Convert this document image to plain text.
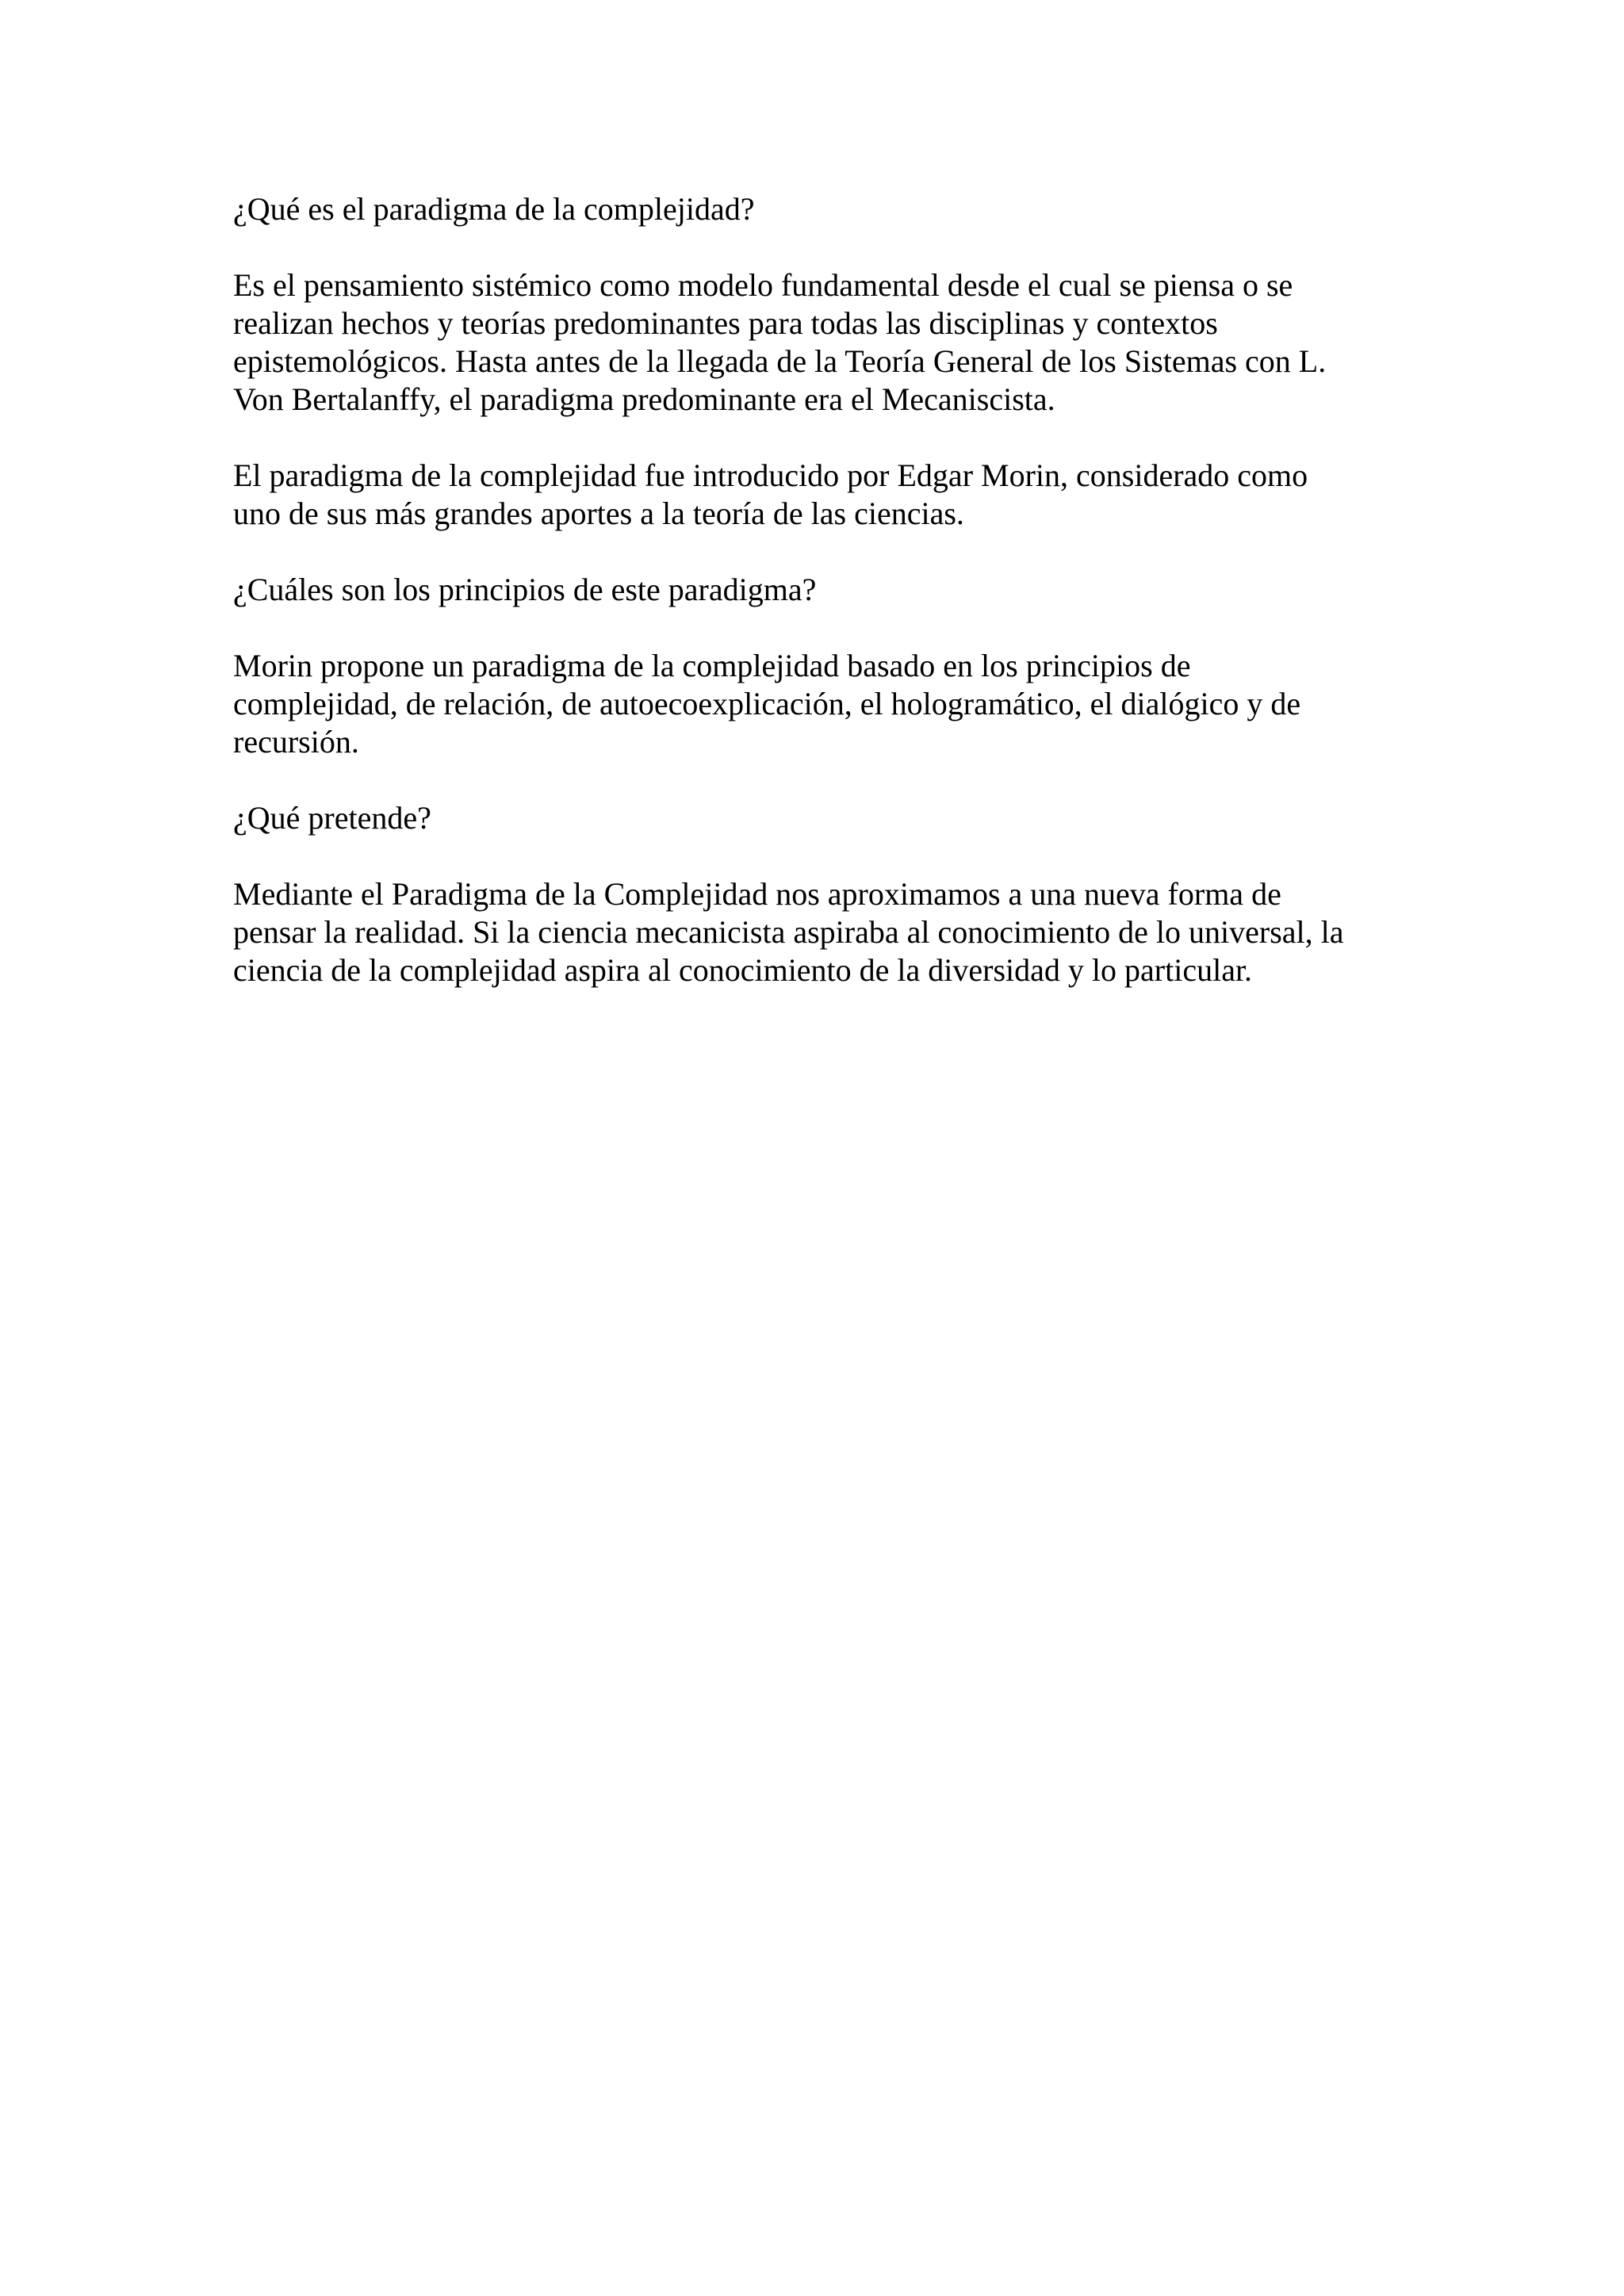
¿Qué es el paradigma de la complejidad?

Es el pensamiento sistémico como modelo fundamental desde el cual se piensa o se
realizan hechos y teorías predominantes para todas las disciplinas y contextos
epistemológicos. Hasta antes de la llegada de la Teoría General de los Sistemas con L.
Von Bertalanffy, el paradigma predominante era el Mecaniscista.

El paradigma de la complejidad fue introducido por Edgar Morin, considerado como
uno de sus más grandes aportes a la teoría de las ciencias.

¿Cuáles son los principios de este paradigma?

Morin propone un paradigma de la complejidad basado en los principios de
complejidad, de relación, de autoecoexplicación, el hologramático, el dialógico y de
recursión.

¿Qué pretende?

Mediante el Paradigma de la Complejidad nos aproximamos a una nueva forma de
pensar la realidad. Si la ciencia mecanicista aspiraba al conocimiento de lo universal, la
ciencia de la complejidad aspira al conocimiento de la diversidad y lo particular.
